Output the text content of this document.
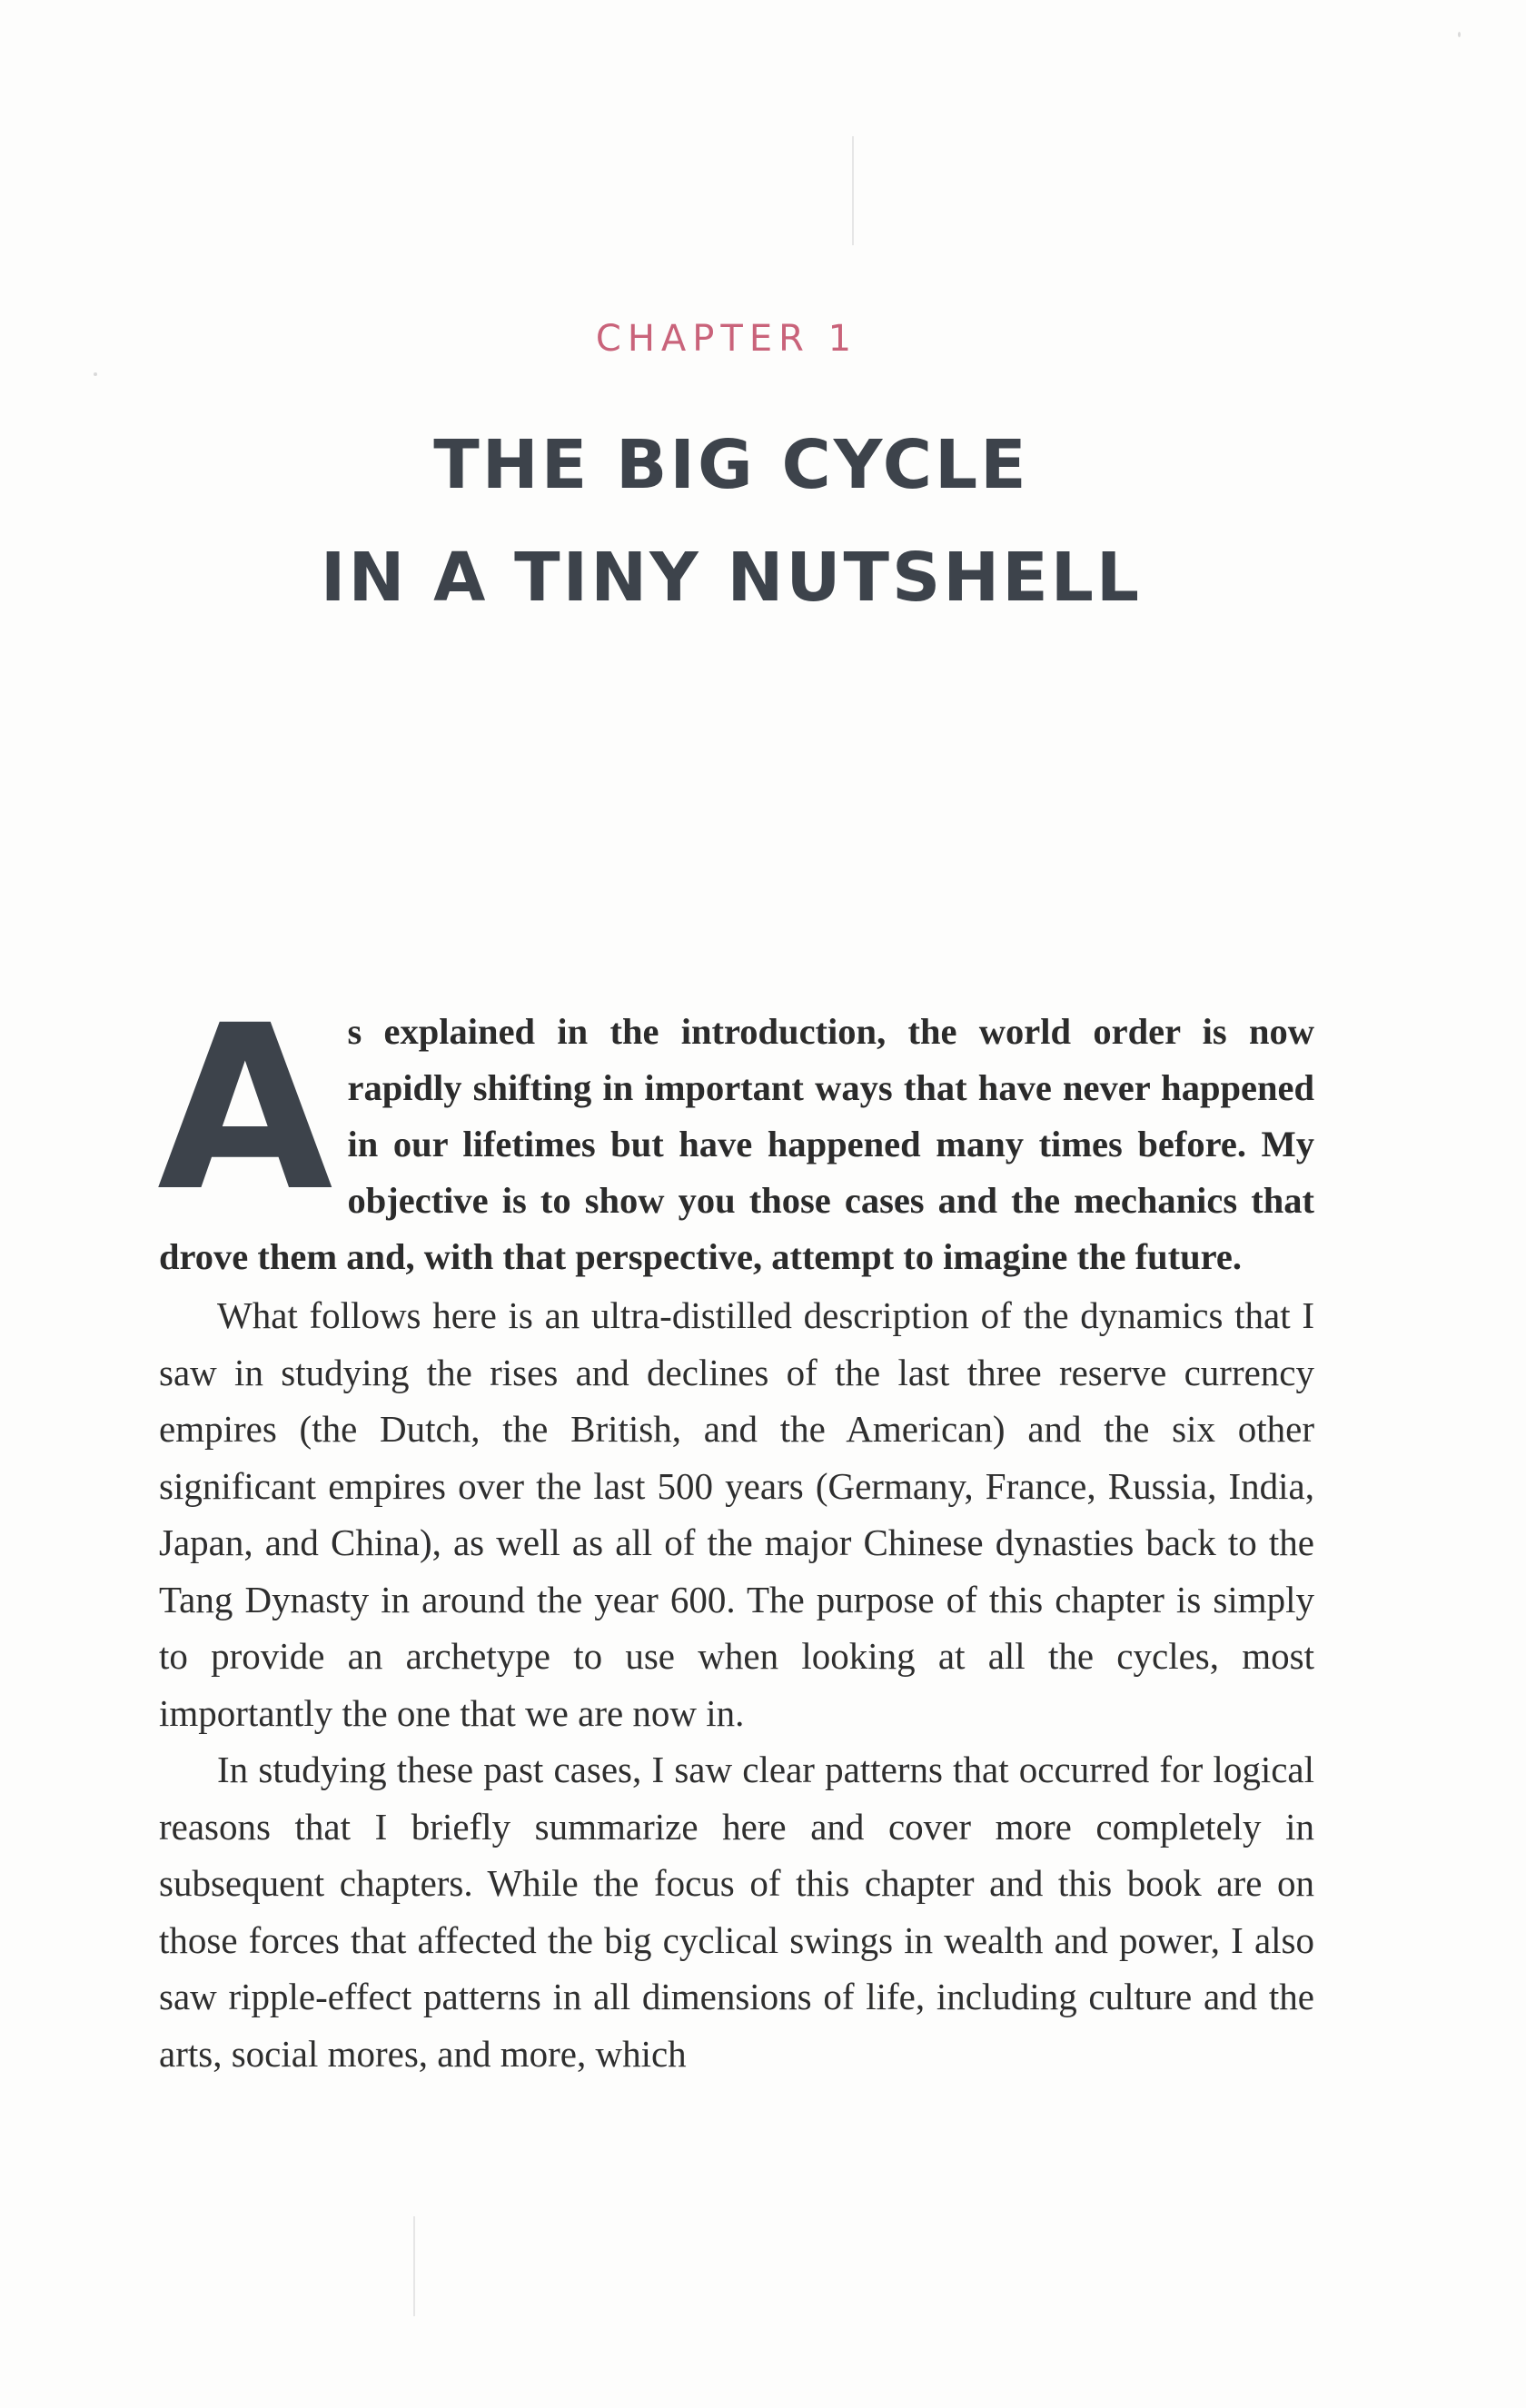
CHAPTER 1
THE BIG CYCLE
IN A TINY NUTSHELL

As explained in the introduction, the world order is now rapidly shifting in important ways that have never happened in our lifetimes but have happened many times before. My objective is to show you those cases and the mechanics that drove them and, with that perspective, attempt to imagine the future.

What follows here is an ultra-distilled description of the dynamics that I saw in studying the rises and declines of the last three reserve currency empires (the Dutch, the British, and the American) and the six other significant empires over the last 500 years (Germany, France, Russia, India, Japan, and China), as well as all of the major Chinese dynasties back to the Tang Dynasty in around the year 600. The purpose of this chapter is simply to provide an archetype to use when looking at all the cycles, most importantly the one that we are now in.

In studying these past cases, I saw clear patterns that occurred for logical reasons that I briefly summarize here and cover more completely in subsequent chapters. While the focus of this chapter and this book are on those forces that affected the big cyclical swings in wealth and power, I also saw ripple-effect patterns in all dimensions of life, including culture and the arts, social mores, and more, which
